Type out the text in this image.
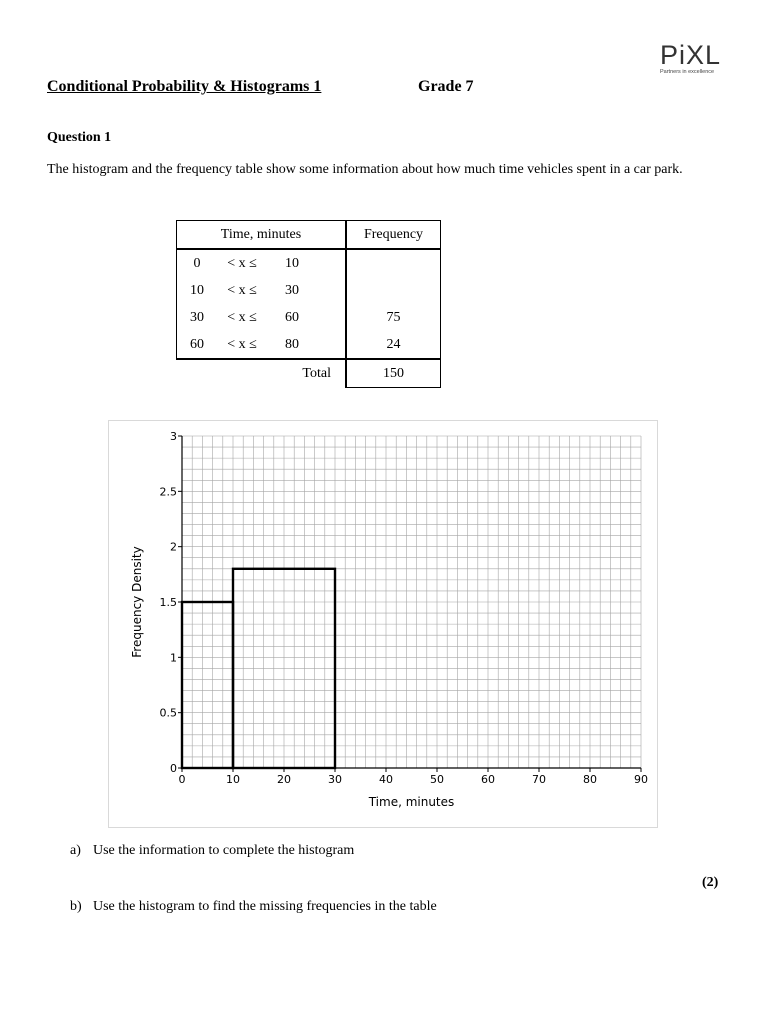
PiXL
Partners in excellence
Conditional Probability & Histograms 1	Grade 7
Question 1
The histogram and the frequency table show some information about how much time vehicles spent in a car park.
Time, minutes	Frequency
0 < x ≤ 10	
10 < x ≤ 30	
30 < x ≤ 60	75
60 < x ≤ 80	24
Total	150
0	10	20	30	40	50	60	70	80	90
0
0.5
1
1.5
2
2.5
3
Time, minutes
Frequency Density
a) Use the information to complete the histogram
(2)
b) Use the histogram to find the missing frequencies in the table
